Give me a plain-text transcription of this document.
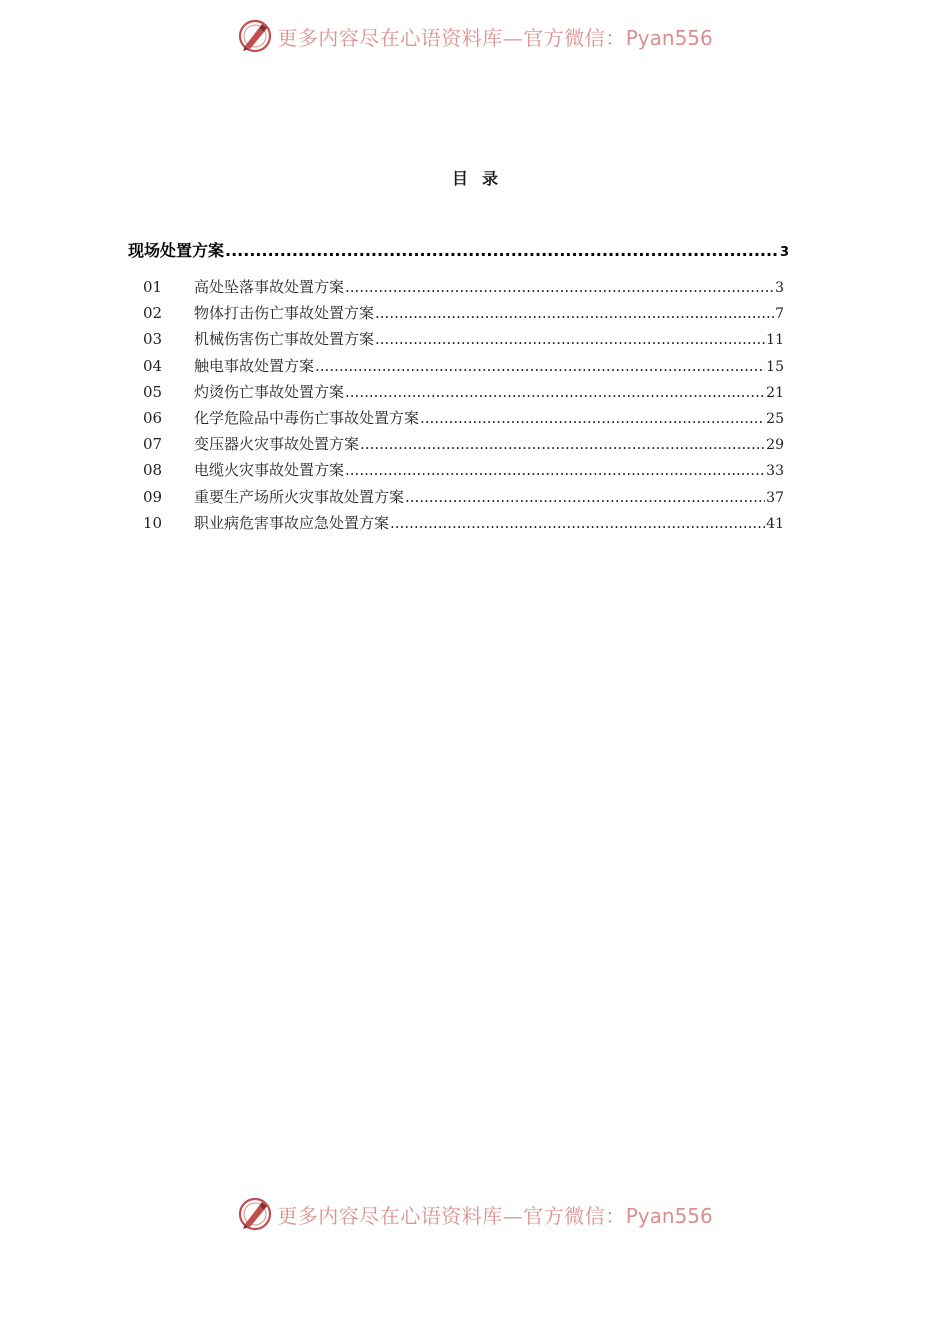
更多内容尽在心语资料库—官方微信：Pyan556
目录
现场处置方案 .....	3
01	高处坠落事故处置方案 .....	3
02	物体打击伤亡事故处置方案 .....	7
03	机械伤害伤亡事故处置方案 .....	11
04	触电事故处置方案 .....	15
05	灼烫伤亡事故处置方案 .....	21
06	化学危险品中毒伤亡事故处置方案 .....	25
07	变压器火灾事故处置方案 .....	29
08	电缆火灾事故处置方案 .....	33
09	重要生产场所火灾事故处置方案 .....	37
10	职业病危害事故应急处置方案 .....	41
更多内容尽在心语资料库—官方微信：Pyan556
